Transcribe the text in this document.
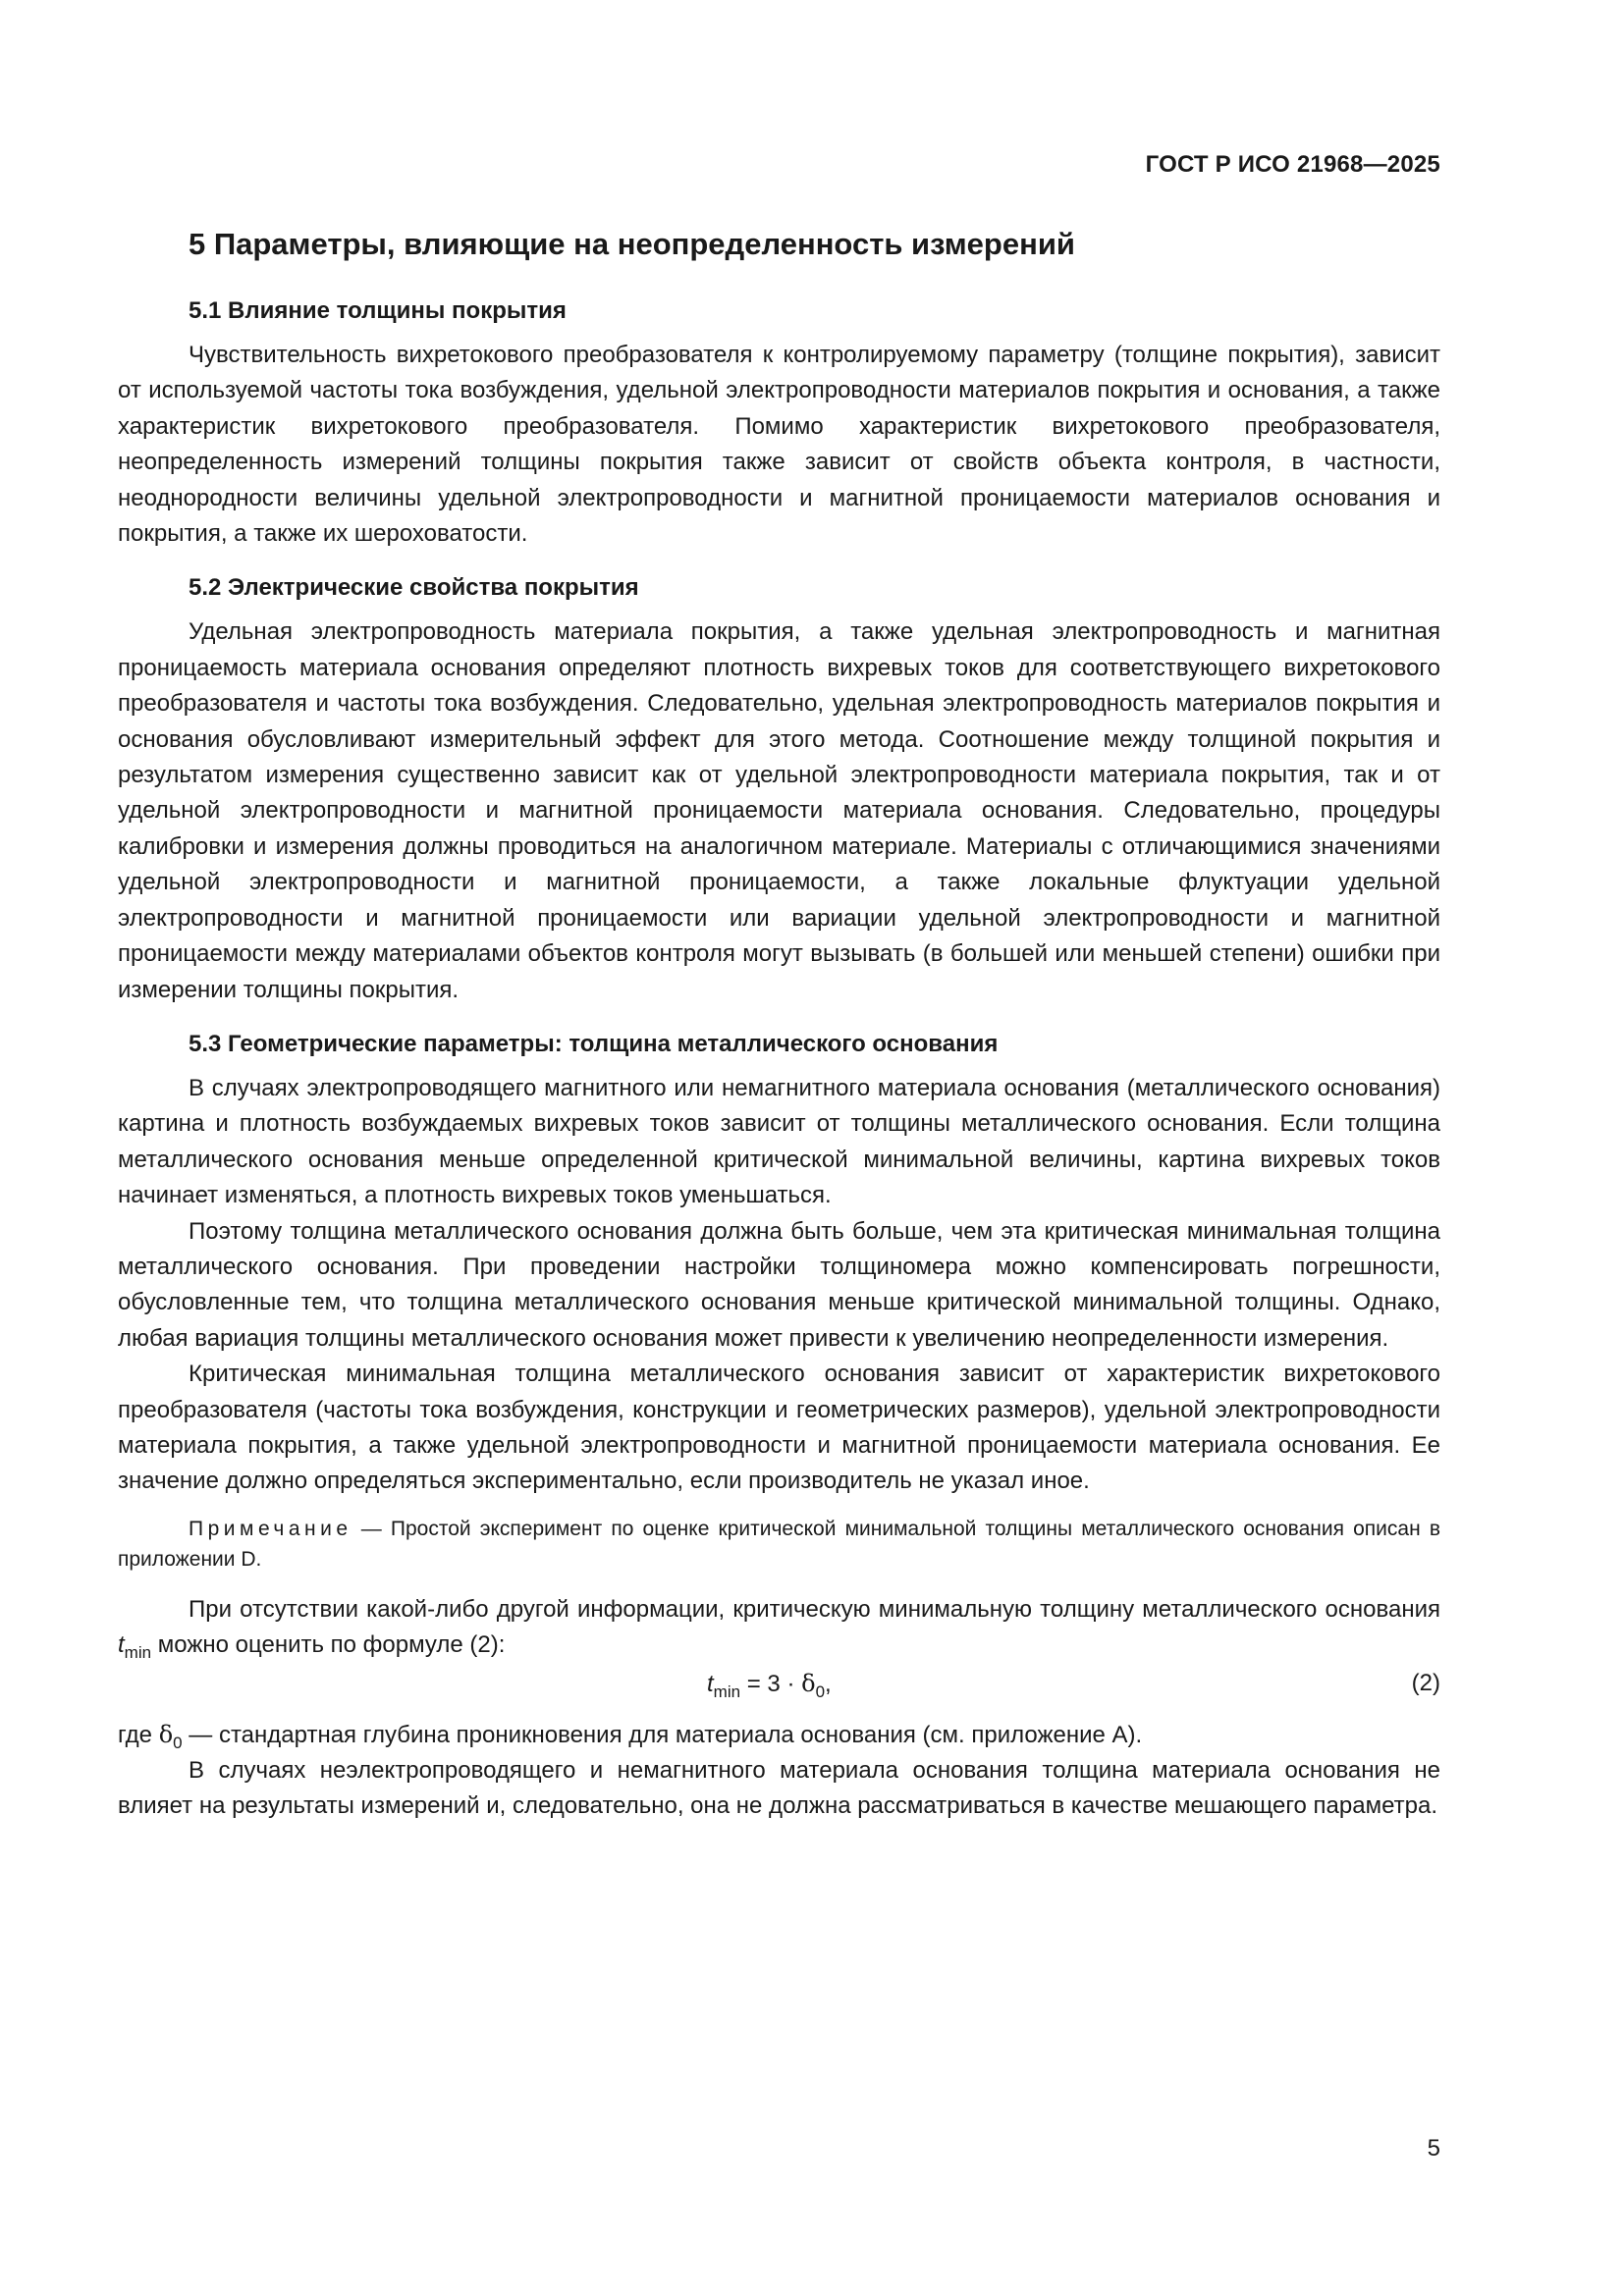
ГОСТ Р ИСО 21968—2025
5 Параметры, влияющие на неопределенность измерений
5.1 Влияние толщины покрытия

Чувствительность вихретокового преобразователя к контролируемому параметру (толщине покрытия), зависит от используемой частоты тока возбуждения, удельной электропроводности материалов покрытия и основания, а также характеристик вихретокового преобразователя. Помимо характеристик вихретокового преобразователя, неопределенность измерений толщины покрытия также зависит от свойств объекта контроля, в частности, неоднородности величины удельной электропроводности и магнитной проницаемости материалов основания и покрытия, а также их шероховатости.

5.2 Электрические свойства покрытия

Удельная электропроводность материала покрытия, а также удельная электропроводность и магнитная проницаемость материала основания определяют плотность вихревых токов для соответствующего вихретокового преобразователя и частоты тока возбуждения. Следовательно, удельная электропроводность материалов покрытия и основания обусловливают измерительный эффект для этого метода. Соотношение между толщиной покрытия и результатом измерения существенно зависит как от удельной электропроводности материала покрытия, так и от удельной электропроводности и магнитной проницаемости материала основания. Следовательно, процедуры калибровки и измерения должны проводиться на аналогичном материале. Материалы с отличающимися значениями удельной электропроводности и магнитной проницаемости, а также локальные флуктуации удельной электропроводности и магнитной проницаемости или вариации удельной электропроводности и магнитной проницаемости между материалами объектов контроля могут вызывать (в большей или меньшей степени) ошибки при измерении толщины покрытия.

5.3 Геометрические параметры: толщина металлического основания

В случаях электропроводящего магнитного или немагнитного материала основания (металлического основания) картина и плотность возбуждаемых вихревых токов зависит от толщины металлического основания. Если толщина металлического основания меньше определенной критической минимальной величины, картина вихревых токов начинает изменяться, а плотность вихревых токов уменьшаться.

Поэтому толщина металлического основания должна быть больше, чем эта критическая минимальная толщина металлического основания. При проведении настройки толщиномера можно компенсировать погрешности, обусловленные тем, что толщина металлического основания меньше критической минимальной толщины. Однако, любая вариация толщины металлического основания может привести к увеличению неопределенности измерения.

Критическая минимальная толщина металлического основания зависит от характеристик вихретокового преобразователя (частоты тока возбуждения, конструкции и геометрических размеров), удельной электропроводности материала покрытия, а также удельной электропроводности и магнитной проницаемости материала основания. Ее значение должно определяться экспериментально, если производитель не указал иное.

Примечание — Простой эксперимент по оценке критической минимальной толщины металлического основания описан в приложении D.

При отсутствии какой-либо другой информации, критическую минимальную толщину металлического основания $t_{min}$ можно оценить по формуле (2):

$t_{min} = 3 \cdot \delta_0$,	(2)

где $\delta_0$ — стандартная глубина проникновения для материала основания (см. приложение А).

В случаях неэлектропроводящего и немагнитного материала основания толщина материала основания не влияет на результаты измерений и, следовательно, она не должна рассматриваться в качестве мешающего параметра.

5
